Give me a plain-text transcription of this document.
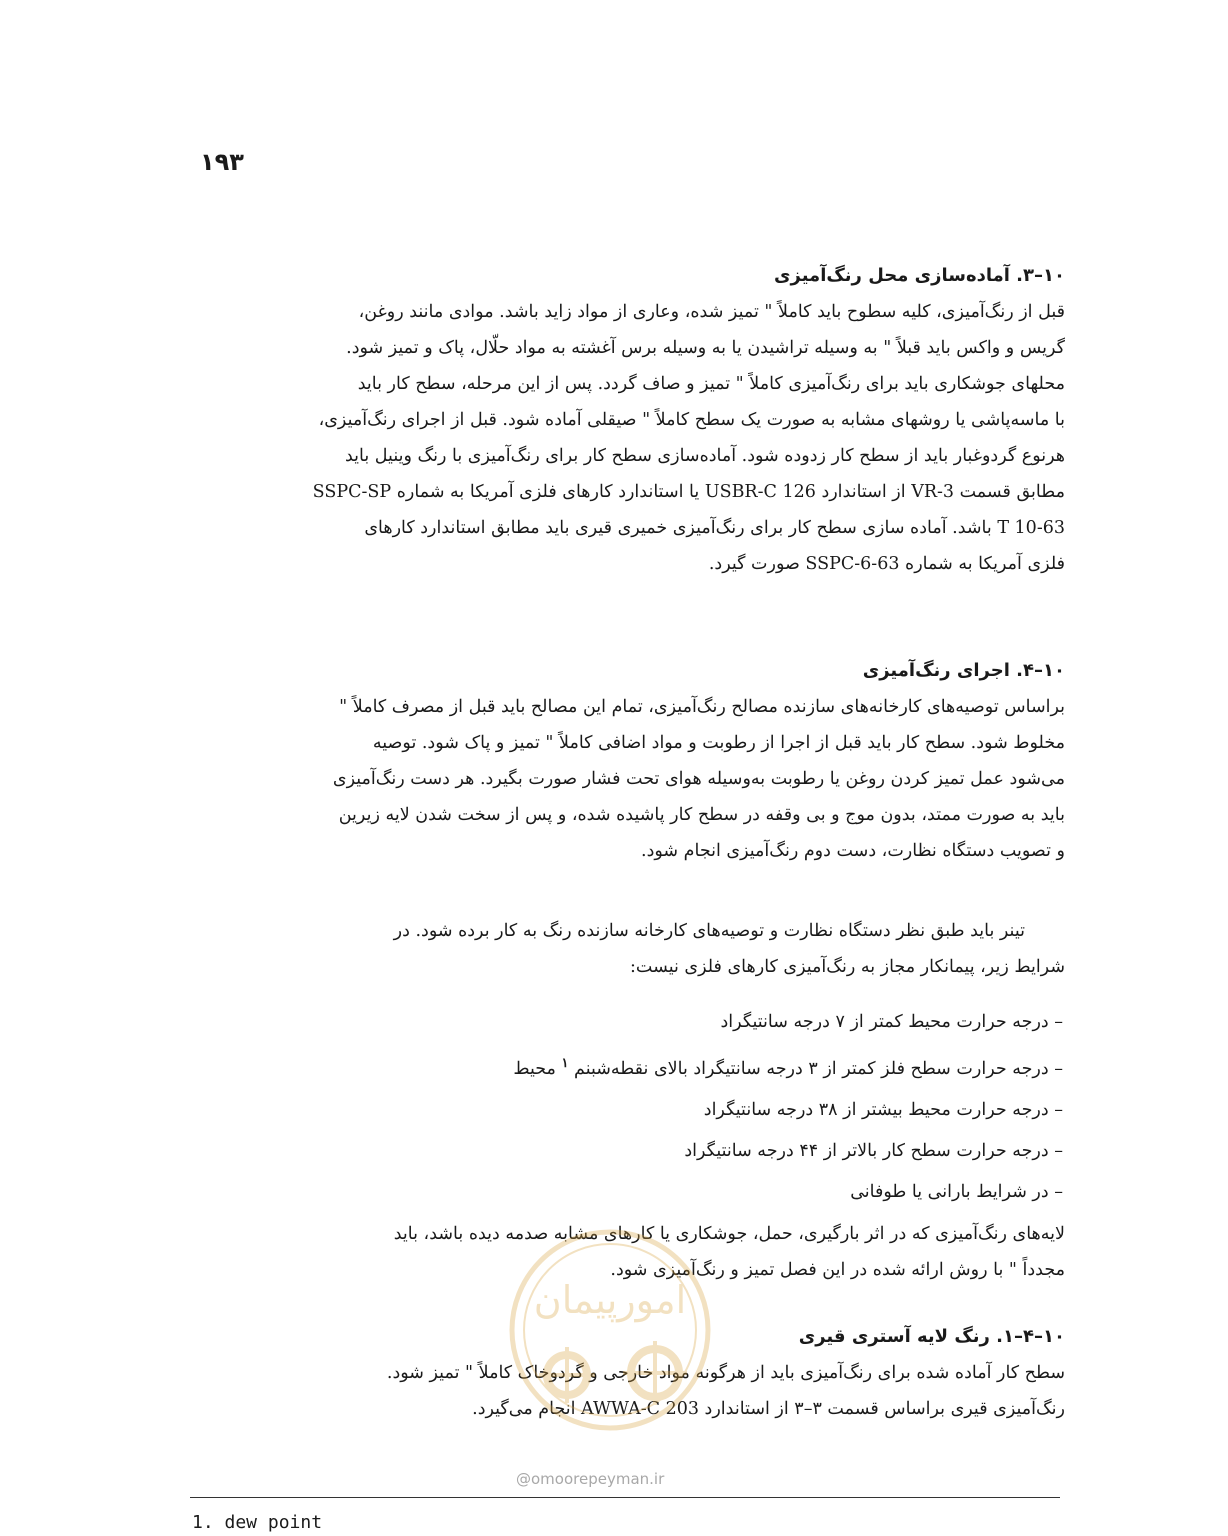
۱۹۳

۱۰–۳. آماده‌سازی محل رنگ‌آمیزی

قبل از رنگ‌آمیزی، کلیه سطوح باید کاملاً " تمیز شده، وعاری از مواد زاید باشد. موادی مانند روغن،

گریس و واکس باید قبلاً " به وسیله تراشیدن یا به وسیله برس آغشته به مواد حلّال، پاک و تمیز شود.

محلهای جوشکاری باید برای رنگ‌آمیزی کاملاً " تمیز و صاف گردد. پس از این مرحله، سطح کار باید

با ماسه‌پاشی یا روشهای مشابه به صورت یک سطح کاملاً " صیقلی آماده شود. قبل از اجرای رنگ‌آمیزی،

هرنوع گردوغبار باید از سطح کار زدوده شود. آماده‌سازی سطح کار برای رنگ‌آمیزی با رنگ وینیل باید

مطابق قسمت VR-3 از استاندارد USBR-C 126 یا استاندارد کارهای فلزی آمریکا به شماره SSPC-SP

T 10-63 باشد. آماده سازی سطح کار برای رنگ‌آمیزی خمیری قیری باید مطابق استاندارد کارهای

فلزی آمریکا به شماره SSPC-6-63 صورت گیرد.

۱۰–۴. اجرای رنگ‌آمیزی

براساس توصیه‌های کارخانه‌های سازنده مصالح رنگ‌آمیزی، تمام این مصالح باید قبل از مصرف کاملاً "

مخلوط شود. سطح کار باید قبل از اجرا از رطوبت و مواد اضافی کاملاً " تمیز و پاک شود. توصیه

می‌شود عمل تمیز کردن روغن یا رطوبت به‌وسیله هوای تحت فشار صورت بگیرد. هر دست رنگ‌آمیزی

باید به صورت ممتد، بدون موج و بی وقفه در سطح کار پاشیده شده، و پس از سخت شدن لایه زیرین

و تصویب دستگاه نظارت، دست دوم رنگ‌آمیزی انجام شود.

تینر باید طبق نظر دستگاه نظارت و توصیه‌های کارخانه سازنده رنگ به کار برده شود. در

شرایط زیر، پیمانکار مجاز به رنگ‌آمیزی کارهای فلزی نیست:

– درجه حرارت محیط کمتر از ۷ درجه سانتیگراد
– درجه حرارت سطح فلز کمتر از ۳ درجه سانتیگراد بالای نقطه‌شبنم $^۱$ محیط
– درجه حرارت محیط بیشتر از ۳۸ درجه سانتیگراد
– درجه حرارت سطح کار بالاتر از ۴۴ درجه سانتیگراد
– در شرایط بارانی یا طوفانی

لایه‌های رنگ‌آمیزی که در اثر بارگیری، حمل، جوشکاری یا کارهای مشابه صدمه دیده باشد، باید

مجدداً " با روش ارائه شده در این فصل تمیز و رنگ‌آمیزی شود.

۱۰–۴–۱. رنگ لایه آستری قیری

سطح کار آماده شده برای رنگ‌آمیزی باید از هرگونه مواد خارجی و گردوخاک کاملاً " تمیز شود.

رنگ‌آمیزی قیری براساس قسمت ۳–۳ از استاندارد AWWA-C 203 انجام می‌گیرد.

امورپیمان
@omoorepeyman.ir
1. dew point
